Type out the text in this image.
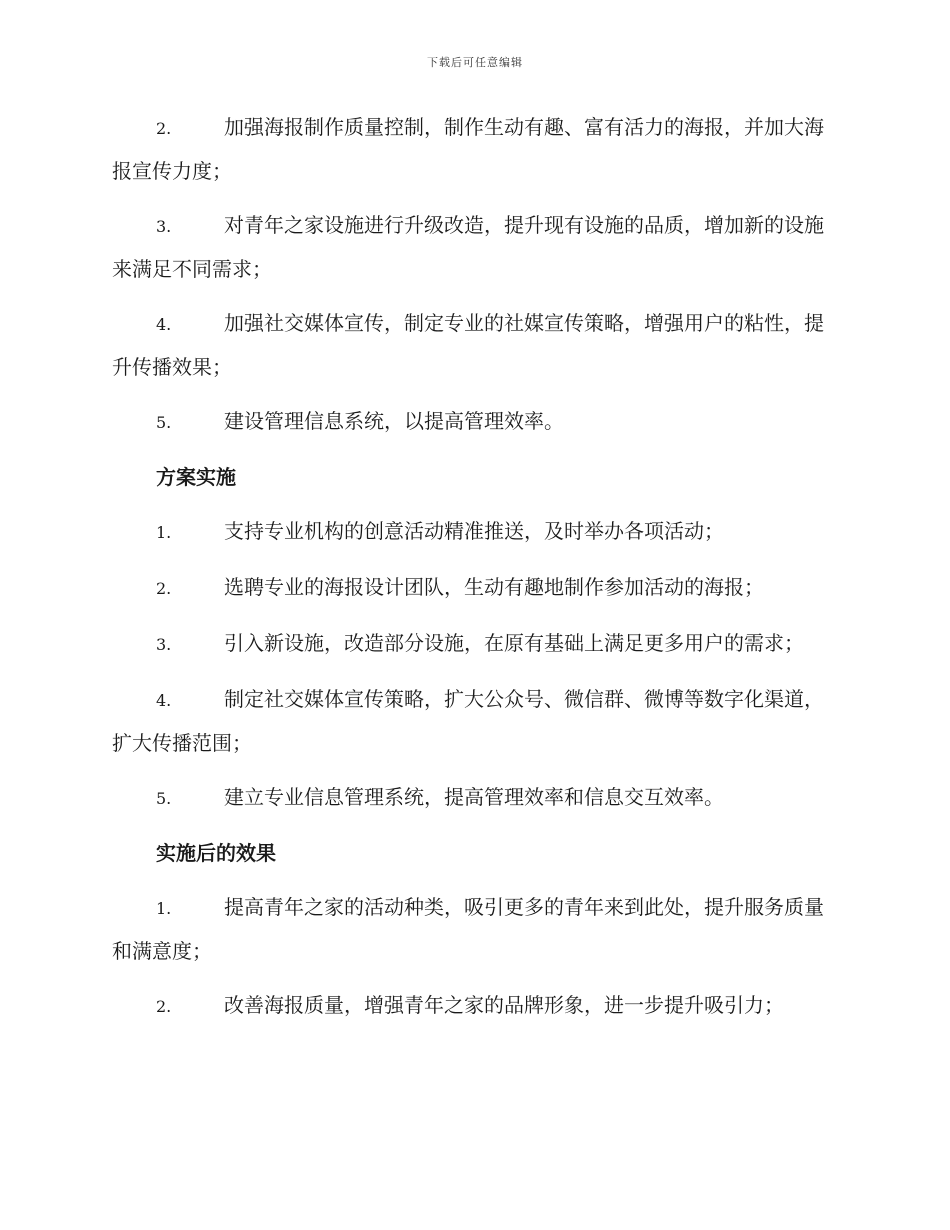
下载后可任意编辑
2.	加强海报制作质量控制，制作生动有趣、富有活力的海报，并加大海报宣传力度；
3.	对青年之家设施进行升级改造，提升现有设施的品质，增加新的设施来满足不同需求；
4.	加强社交媒体宣传，制定专业的社媒宣传策略，增强用户的粘性，提升传播效果；
5.	建设管理信息系统，以提高管理效率。
方案实施
1.	支持专业机构的创意活动精准推送，及时举办各项活动；
2.	选聘专业的海报设计团队，生动有趣地制作参加活动的海报；
3.	引入新设施，改造部分设施，在原有基础上满足更多用户的需求；
4.	制定社交媒体宣传策略，扩大公众号、微信群、微博等数字化渠道，扩大传播范围；
5.	建立专业信息管理系统，提高管理效率和信息交互效率。
实施后的效果
1.	提高青年之家的活动种类，吸引更多的青年来到此处，提升服务质量和满意度；
2.	改善海报质量，增强青年之家的品牌形象，进一步提升吸引力；
